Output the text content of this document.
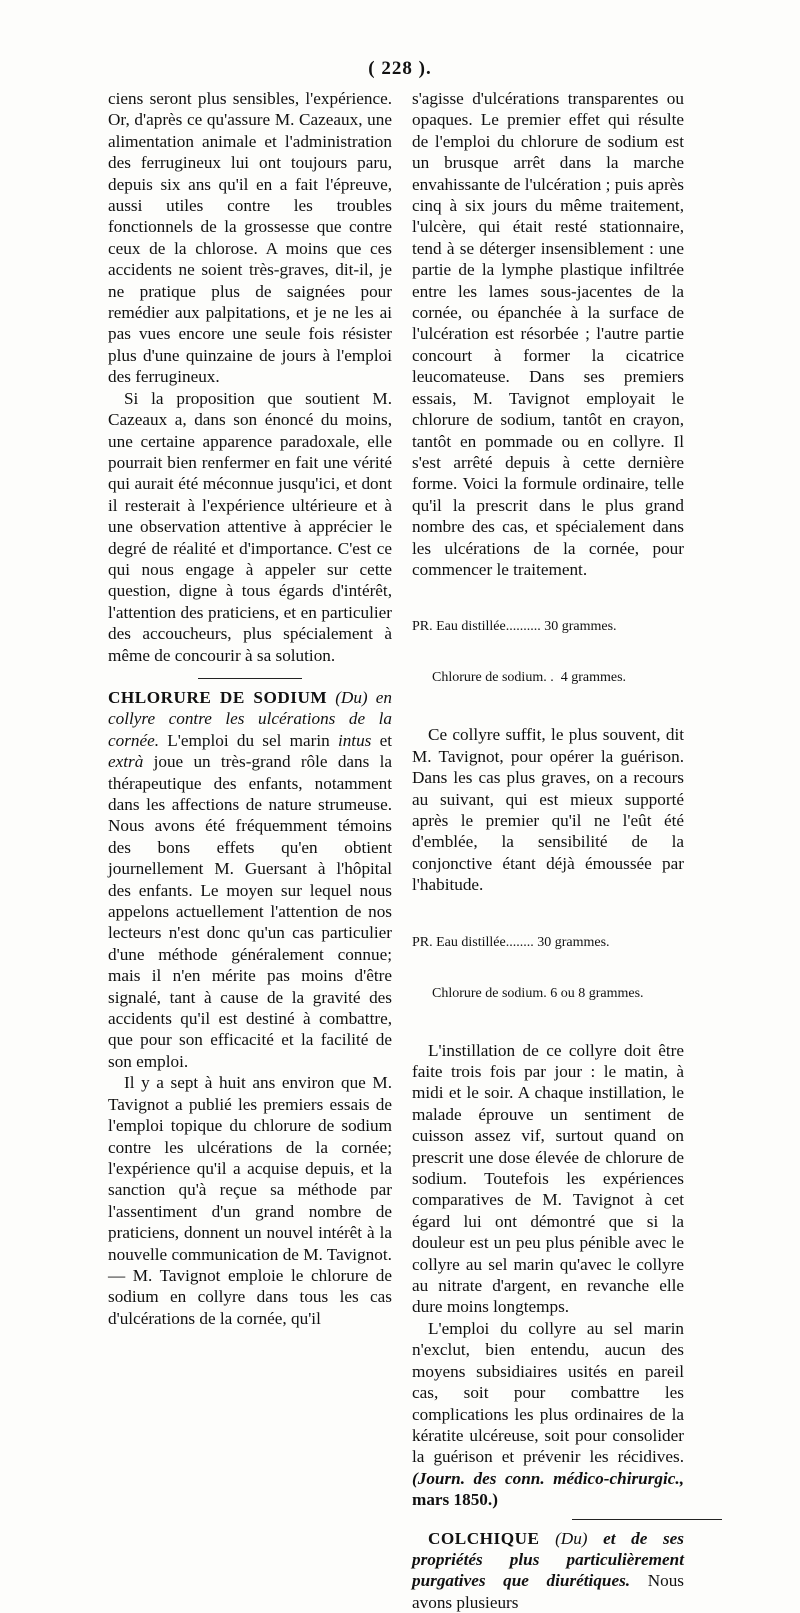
( 228 ).

ciens seront plus sensibles, l'expérience. Or, d'après ce qu'assure M. Cazeaux, une alimentation animale et l'administration des ferrugineux lui ont toujours paru, depuis six ans qu'il en a fait l'épreuve, aussi utiles contre les troubles fonctionnels de la grossesse que contre ceux de la chlorose. A moins que ces accidents ne soient très-graves, dit-il, je ne pratique plus de saignées pour remédier aux palpitations, et je ne les ai pas vues encore une seule fois résister plus d'une quinzaine de jours à l'emploi des ferrugineux.

Si la proposition que soutient M. Cazeaux a, dans son énoncé du moins, une certaine apparence paradoxale, elle pourrait bien renfermer en fait une vérité qui aurait été méconnue jusqu'ici, et dont il resterait à l'expérience ultérieure et à une observation attentive à apprécier le degré de réalité et d'importance. C'est ce qui nous engage à appeler sur cette question, digne à tous égards d'intérêt, l'attention des praticiens, et en particulier des accoucheurs, plus spécialement à même de concourir à sa solution.

CHLORURE DE SODIUM (Du) en collyre contre les ulcérations de la cornée. L'emploi du sel marin intus et extrà joue un très-grand rôle dans la thérapeutique des enfants, notamment dans les affections de nature strumeuse. Nous avons été fréquemment témoins des bons effets qu'en obtient journellement M. Guersant à l'hôpital des enfants. Le moyen sur lequel nous appelons actuellement l'attention de nos lecteurs n'est donc qu'un cas particulier d'une méthode généralement connue; mais il n'en mérite pas moins d'être signalé, tant à cause de la gravité des accidents qu'il est destiné à combattre, que pour son efficacité et la facilité de son emploi.

Il y a sept à huit ans environ que M. Tavignot a publié les premiers essais de l'emploi topique du chlorure de sodium contre les ulcérations de la cornée; l'expérience qu'il a acquise depuis, et la sanction qu'à reçue sa méthode par l'assentiment d'un grand nombre de praticiens, donnent un nouvel intérêt à la nouvelle communication de M. Tavignot.

— M. Tavignot emploie le chlorure de sodium en collyre dans tous les cas d'ulcérations de la cornée, qu'il

s'agisse d'ulcérations transparentes ou opaques. Le premier effet qui résulte de l'emploi du chlorure de sodium est un brusque arrêt dans la marche envahissante de l'ulcération ; puis après cinq à six jours du même traitement, l'ulcère, qui était resté stationnaire, tend à se déterger insensiblement : une partie de la lymphe plastique infiltrée entre les lames sous-jacentes de la cornée, ou épanchée à la surface de l'ulcération est résorbée ; l'autre partie concourt à former la cicatrice leucomateuse. Dans ses premiers essais, M. Tavignot employait le chlorure de sodium, tantôt en crayon, tantôt en pommade ou en collyre. Il s'est arrêté depuis à cette dernière forme. Voici la formule ordinaire, telle qu'il la prescrit dans le plus grand nombre des cas, et spécialement dans les ulcérations de la cornée, pour commencer le traitement.

PR. Eau distillée.......... 30 grammes.

Chlorure de sodium. .  4 grammes.

Ce collyre suffit, le plus souvent, dit M. Tavignot, pour opérer la guérison. Dans les cas plus graves, on a recours au suivant, qui est mieux supporté après le premier qu'il ne l'eût été d'emblée, la sensibilité de la conjonctive étant déjà émoussée par l'habitude.

PR. Eau distillée........ 30 grammes.

Chlorure de sodium. 6 ou 8 grammes.

L'instillation de ce collyre doit être faite trois fois par jour : le matin, à midi et le soir. A chaque instillation, le malade éprouve un sentiment de cuisson assez vif, surtout quand on prescrit une dose élevée de chlorure de sodium. Toutefois les expériences comparatives de M. Tavignot à cet égard lui ont démontré que si la douleur est un peu plus pénible avec le collyre au sel marin qu'avec le collyre au nitrate d'argent, en revanche elle dure moins longtemps.

L'emploi du collyre au sel marin n'exclut, bien entendu, aucun des moyens subsidiaires usités en pareil cas, soit pour combattre les complications les plus ordinaires de la kératite ulcéreuse, soit pour consolider la guérison et prévenir les récidives. (Journ. des conn. médico-chirurgic., mars 1850.)

COLCHIQUE (Du) et de ses propriétés plus particulièrement purgatives que diurétiques. Nous avons plusieurs
